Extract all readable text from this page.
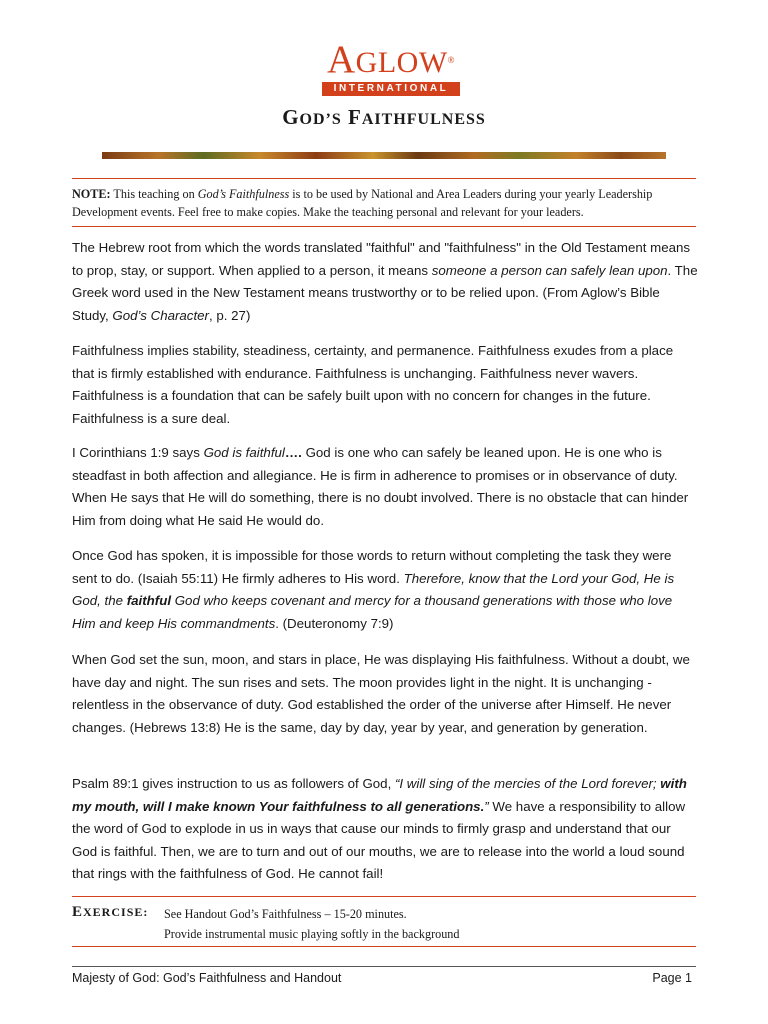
AGLOW®
INTERNATIONAL
GOD’S FAITHFULNESS
NOTE: This teaching on God’s Faithfulness is to be used by National and Area Leaders during your yearly Leadership Development events. Feel free to make copies. Make the teaching personal and relevant for your leaders.
The Hebrew root from which the words translated "faithful" and "faithfulness" in the Old Testament means to prop, stay, or support. When applied to a person, it means someone a person can safely lean upon. The Greek word used in the New Testament means trustworthy or to be relied upon. (From Aglow’s Bible Study, God’s Character, p. 27)
Faithfulness implies stability, steadiness, certainty, and permanence. Faithfulness exudes from a place that is firmly established with endurance. Faithfulness is unchanging. Faithfulness never wavers. Faithfulness is a foundation that can be safely built upon with no concern for changes in the future. Faithfulness is a sure deal.
I Corinthians 1:9 says God is faithful…. God is one who can safely be leaned upon. He is one who is steadfast in both affection and allegiance. He is firm in adherence to promises or in observance of duty. When He says that He will do something, there is no doubt involved. There is no obstacle that can hinder Him from doing what He said He would do.
Once God has spoken, it is impossible for those words to return without completing the task they were sent to do. (Isaiah 55:11) He firmly adheres to His word. Therefore, know that the Lord your God, He is God, the faithful God who keeps covenant and mercy for a thousand generations with those who love Him and keep His commandments. (Deuteronomy 7:9)
When God set the sun, moon, and stars in place, He was displaying His faithfulness. Without a doubt, we have day and night. The sun rises and sets. The moon provides light in the night. It is unchanging - relentless in the observance of duty. God established the order of the universe after Himself. He never changes. (Hebrews 13:8) He is the same, day by day, year by year, and generation by generation.
Psalm 89:1 gives instruction to us as followers of God, “I will sing of the mercies of the Lord forever; with my mouth, will I make known Your faithfulness to all generations.” We have a responsibility to allow the word of God to explode in us in ways that cause our minds to firmly grasp and understand that our God is faithful. Then, we are to turn and out of our mouths, we are to release into the world a loud sound that rings with the faithfulness of God. He cannot fail!
EXERCISE: See Handout God’s Faithfulness – 15-20 minutes.
Provide instrumental music playing softly in the background
Majesty of God: God’s Faithfulness and Handout	Page 1
